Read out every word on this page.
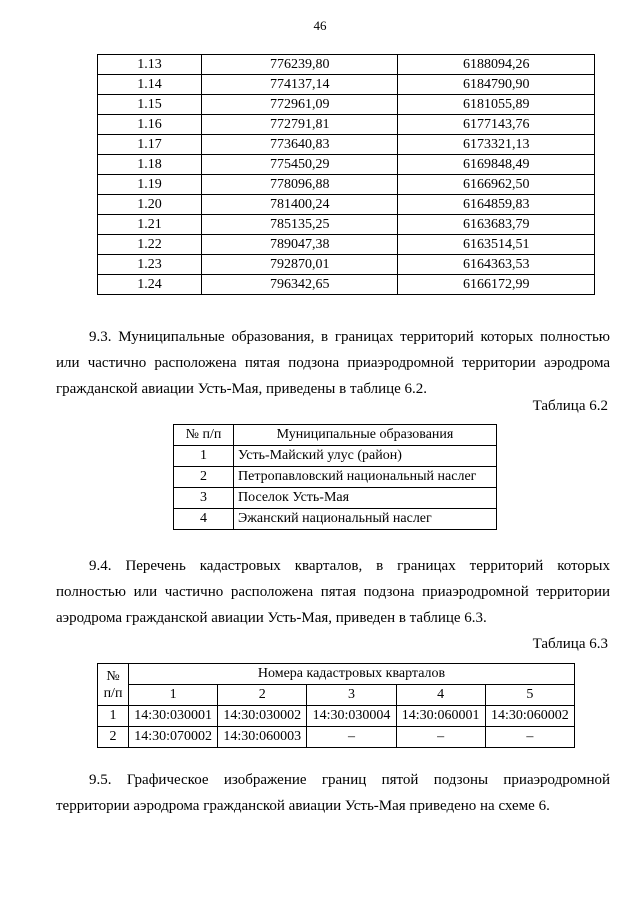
46
1.13	776239,80	6188094,26
1.14	774137,14	6184790,90
1.15	772961,09	6181055,89
1.16	772791,81	6177143,76
1.17	773640,83	6173321,13
1.18	775450,29	6169848,49
1.19	778096,88	6166962,50
1.20	781400,24	6164859,83
1.21	785135,25	6163683,79
1.22	789047,38	6163514,51
1.23	792870,01	6164363,53
1.24	796342,65	6166172,99
9.3. Муниципальные образования, в границах территорий которых полностью
или частично расположена пятая подзона приаэродромной территории аэродрома
гражданской авиации Усть-Мая, приведены в таблице 6.2.
Таблица 6.2
№ п/п	Муниципальные образования
1	Усть-Майский улус (район)
2	Петропавловский национальный наслег
3	Поселок Усть-Мая
4	Эжанский национальный наслег
9.4. Перечень кадастровых кварталов, в границах территорий которых
полностью или частично расположена пятая подзона приаэродромной территории
аэродрома гражданской авиации Усть-Мая, приведен в таблице 6.3.
Таблица 6.3
№
п/п	Номера кадастровых кварталов				
	1	2	3	4	5
1	14:30:030001	14:30:030002	14:30:030004	14:30:060001	14:30:060002
2	14:30:070002	14:30:060003	–	–	–
9.5. Графическое изображение границ пятой подзоны приаэродромной
территории аэродрома гражданской авиации Усть-Мая приведено на схеме 6.
